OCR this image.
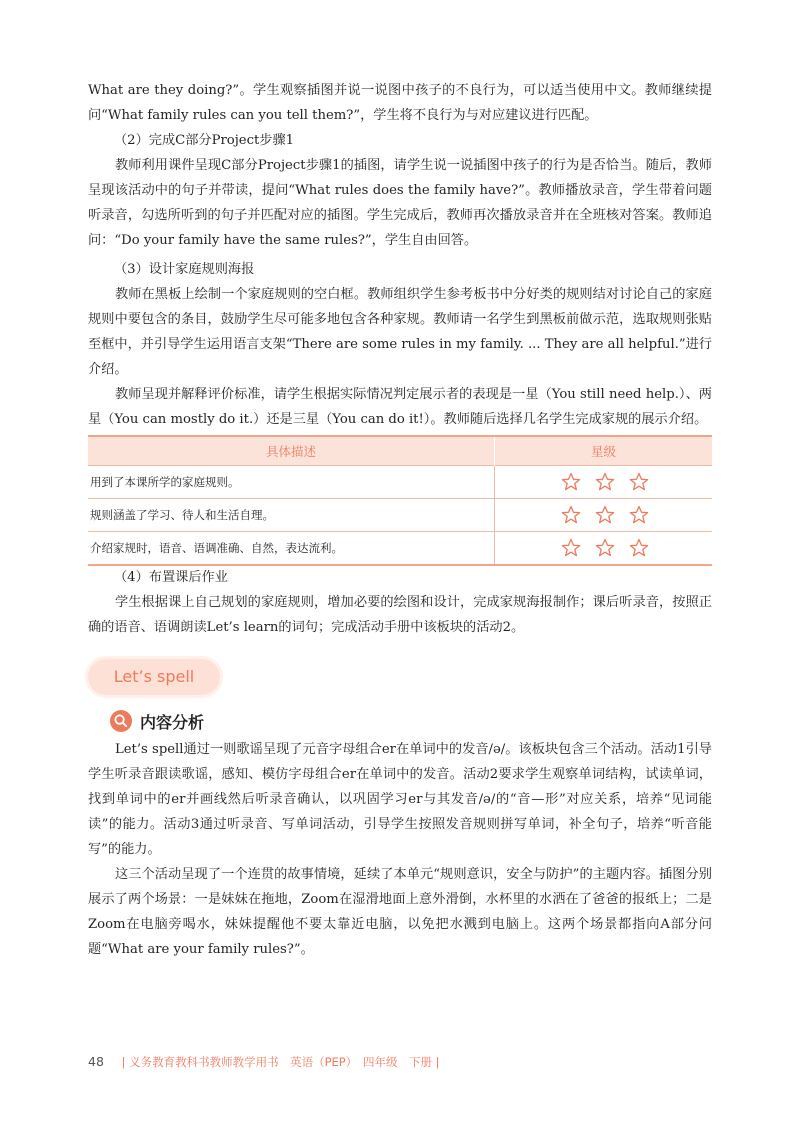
What are they doing?”。学生观察插图并说一说图中孩子的不良行为，可以适当使用中文。教师继续提问“What family rules can you tell them?”，学生将不良行为与对应建议进行匹配。

（2）完成C部分Project步骤1

教师利用课件呈现C部分Project步骤1的插图，请学生说一说插图中孩子的行为是否恰当。随后，教师呈现该活动中的句子并带读，提问“What rules does the family have?”。教师播放录音，学生带着问题听录音，勾选所听到的句子并匹配对应的插图。学生完成后，教师再次播放录音并在全班核对答案。教师追问：“Do your family have the same rules?”，学生自由回答。

（3）设计家庭规则海报

教师在黑板上绘制一个家庭规则的空白框。教师组织学生参考板书中分好类的规则结对讨论自己的家庭规则中要包含的条目，鼓励学生尽可能多地包含各种家规。教师请一名学生到黑板前做示范，选取规则张贴至框中，并引导学生运用语言支架“There are some rules in my family. ... They are all helpful.”进行介绍。

教师呈现并解释评价标准，请学生根据实际情况判定展示者的表现是一星（You still need help.）、两星（You can mostly do it.）还是三星（You can do it!）。教师随后选择几名学生完成家规的展示介绍。

具体描述	星级
用到了本课所学的家庭规则。	
规则涵盖了学习、待人和生活自理。	
介绍家规时，语音、语调准确、自然，表达流利。	

（4）布置课后作业

学生根据课上自己规划的家庭规则，增加必要的绘图和设计，完成家规海报制作；课后听录音，按照正确的语音、语调朗读Let’s learn的词句；完成活动手册中该板块的活动2。

Let’s spell
内容分析

Let’s spell通过一则歌谣呈现了元音字母组合er在单词中的发音/ə/。该板块包含三个活动。活动1引导学生听录音跟读歌谣，感知、模仿字母组合er在单词中的发音。活动2要求学生观察单词结构，试读单词，找到单词中的er并画线然后听录音确认，以巩固学习er与其发音/ə/的“音—形”对应关系，培养“见词能读”的能力。活动3通过听录音、写单词活动，引导学生按照发音规则拼写单词，补全句子，培养“听音能写”的能力。

这三个活动呈现了一个连贯的故事情境，延续了本单元“规则意识，安全与防护”的主题内容。插图分别展示了两个场景：一是妹妹在拖地，Zoom在湿滑地面上意外滑倒，水杯里的水洒在了爸爸的报纸上；二是Zoom在电脑旁喝水，妹妹提醒他不要太靠近电脑，以免把水溅到电脑上。这两个场景都指向A部分问题“What are your family rules?”。

48 | 义务教育教科书教师教学用书　英语（PEP）　四年级　下册 |
